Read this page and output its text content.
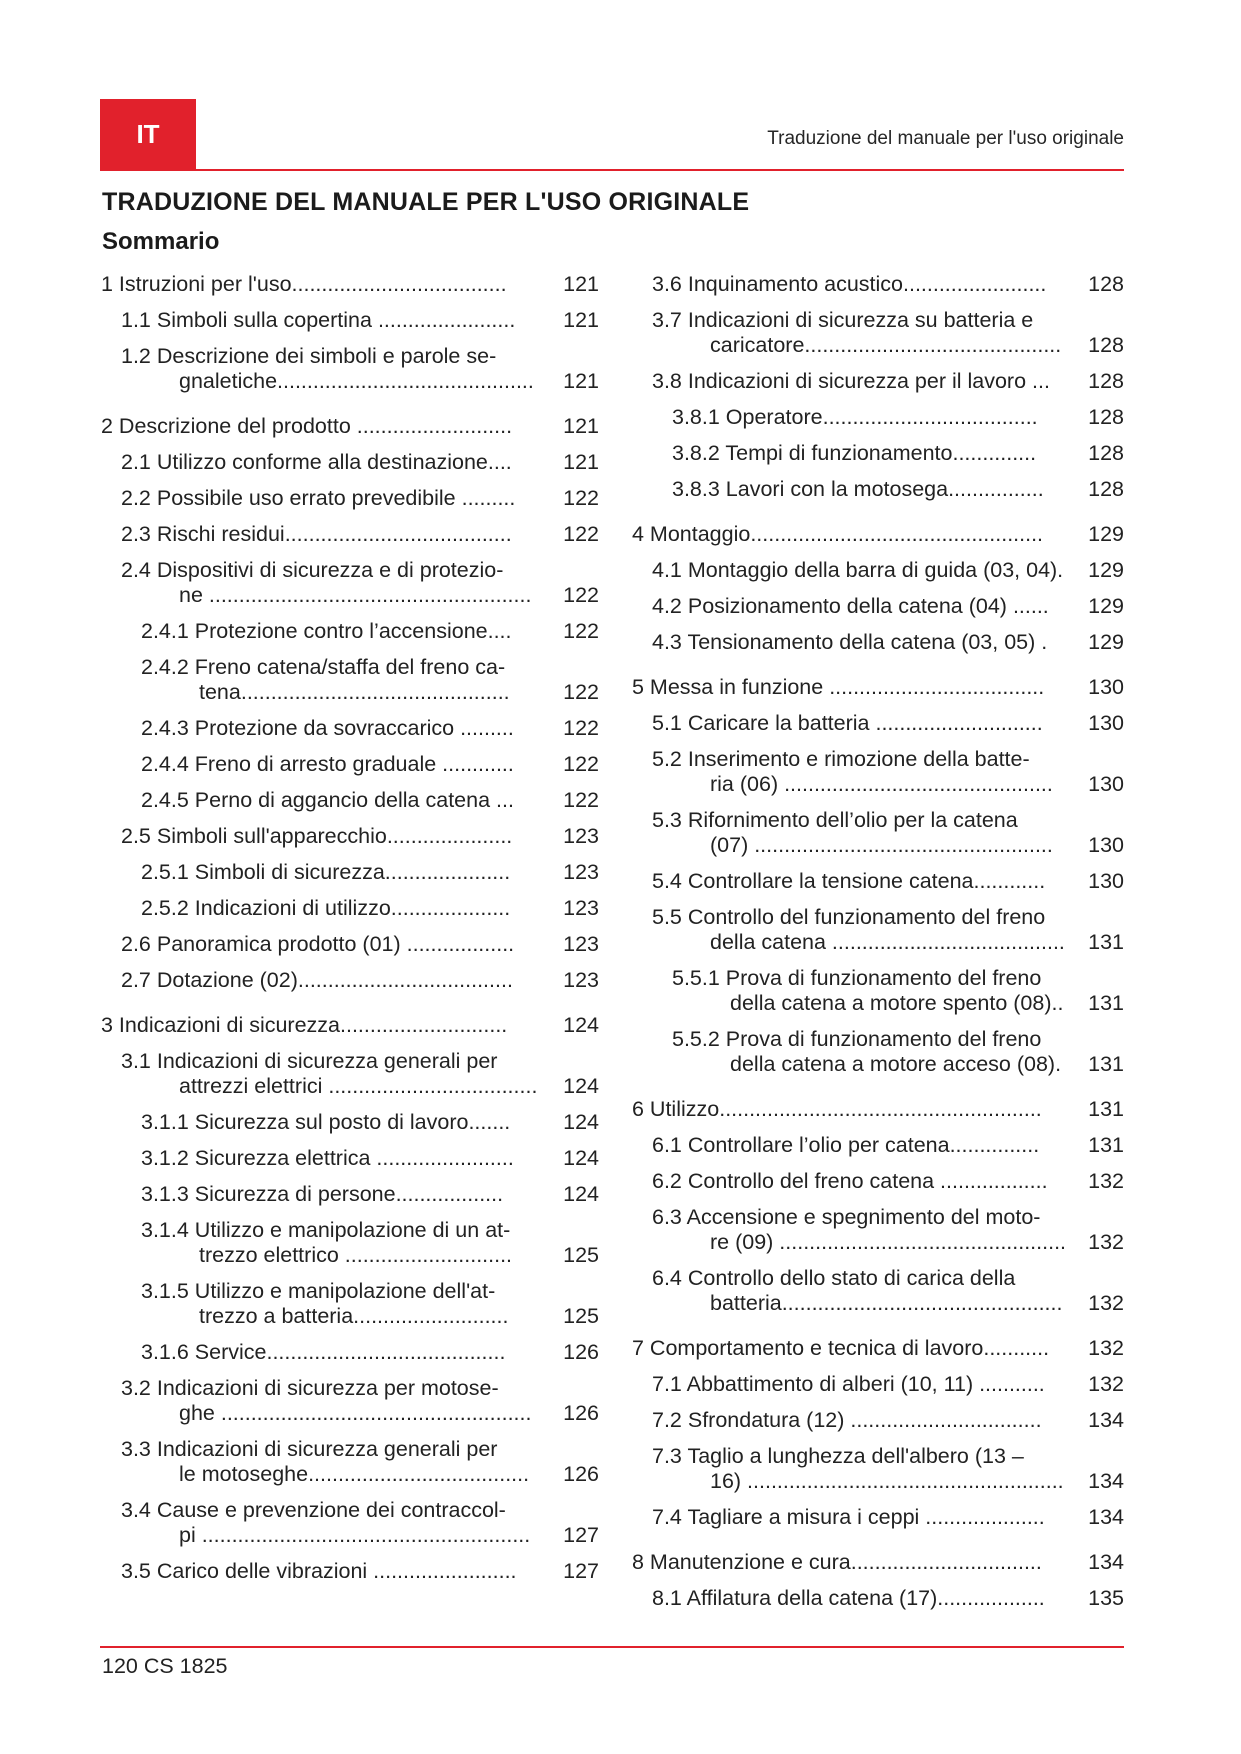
IT	Traduzione del manuale per l'uso originale
TRADUZIONE DEL MANUALE PER L'USO ORIGINALE
Sommario
1 Istruzioni per l'uso....................................	121
1.1 Simboli sulla copertina .......................	121
1.2 Descrizione dei simboli e parole se-
gnaletiche...........................................	121
2 Descrizione del prodotto ..........................	121
2.1 Utilizzo conforme alla destinazione....	121
2.2 Possibile uso errato prevedibile .........	122
2.3 Rischi residui......................................	122
2.4 Dispositivi di sicurezza e di protezio-
ne ......................................................	122
2.4.1 Protezione contro l’accensione....	122
2.4.2 Freno catena/staffa del freno ca-
tena.............................................	122
2.4.3 Protezione da sovraccarico .........	122
2.4.4 Freno di arresto graduale ............	122
2.4.5 Perno di aggancio della catena ...	122
2.5 Simboli sull'apparecchio.....................	123
2.5.1 Simboli di sicurezza.....................	123
2.5.2 Indicazioni di utilizzo....................	123
2.6 Panoramica prodotto (01) ..................	123
2.7 Dotazione (02)....................................	123
3 Indicazioni di sicurezza............................	124
3.1 Indicazioni di sicurezza generali per
attrezzi elettrici ...................................	124
3.1.1 Sicurezza sul posto di lavoro.......	124
3.1.2 Sicurezza elettrica .......................	124
3.1.3 Sicurezza di persone..................	124
3.1.4 Utilizzo e manipolazione di un at-
trezzo elettrico ............................	125
3.1.5 Utilizzo e manipolazione dell'at-
trezzo a batteria..........................	125
3.1.6 Service........................................	126
3.2 Indicazioni di sicurezza per motose-
ghe ....................................................	126
3.3 Indicazioni di sicurezza generali per
le motoseghe.....................................	126
3.4 Cause e prevenzione dei contraccol-
pi .......................................................	127
3.5 Carico delle vibrazioni ........................	127
3.6 Inquinamento acustico........................	128
3.7 Indicazioni di sicurezza su batteria e
caricatore...........................................	128
3.8 Indicazioni di sicurezza per il lavoro ...	128
3.8.1 Operatore....................................	128
3.8.2 Tempi di funzionamento..............	128
3.8.3 Lavori con la motosega................	128
4 Montaggio.................................................	129
4.1 Montaggio della barra di guida (03, 04).	129
4.2 Posizionamento della catena (04) ......	129
4.3 Tensionamento della catena (03, 05) .	129
5 Messa in funzione ....................................	130
5.1 Caricare la batteria ............................	130
5.2 Inserimento e rimozione della batte-
ria (06) .............................................	130
5.3 Rifornimento dell’olio per la catena
(07) ..................................................	130
5.4 Controllare la tensione catena............	130
5.5 Controllo del funzionamento del freno
della catena .......................................	131
5.5.1 Prova di funzionamento del freno
della catena a motore spento (08)..	131
5.5.2 Prova di funzionamento del freno
della catena a motore acceso (08).	131
6 Utilizzo......................................................	131
6.1 Controllare l’olio per catena...............	131
6.2 Controllo del freno catena ..................	132
6.3 Accensione e spegnimento del moto-
re (09) ................................................	132
6.4 Controllo dello stato di carica della
batteria...............................................	132
7 Comportamento e tecnica di lavoro...........	132
7.1 Abbattimento di alberi (10, 11) ...........	132
7.2 Sfrondatura (12) ................................	134
7.3 Taglio a lunghezza dell'albero (13 –
16) .....................................................	134
7.4 Tagliare a misura i ceppi ....................	134
8 Manutenzione e cura................................	134
8.1 Affilatura della catena (17)..................	135
120 CS 1825
